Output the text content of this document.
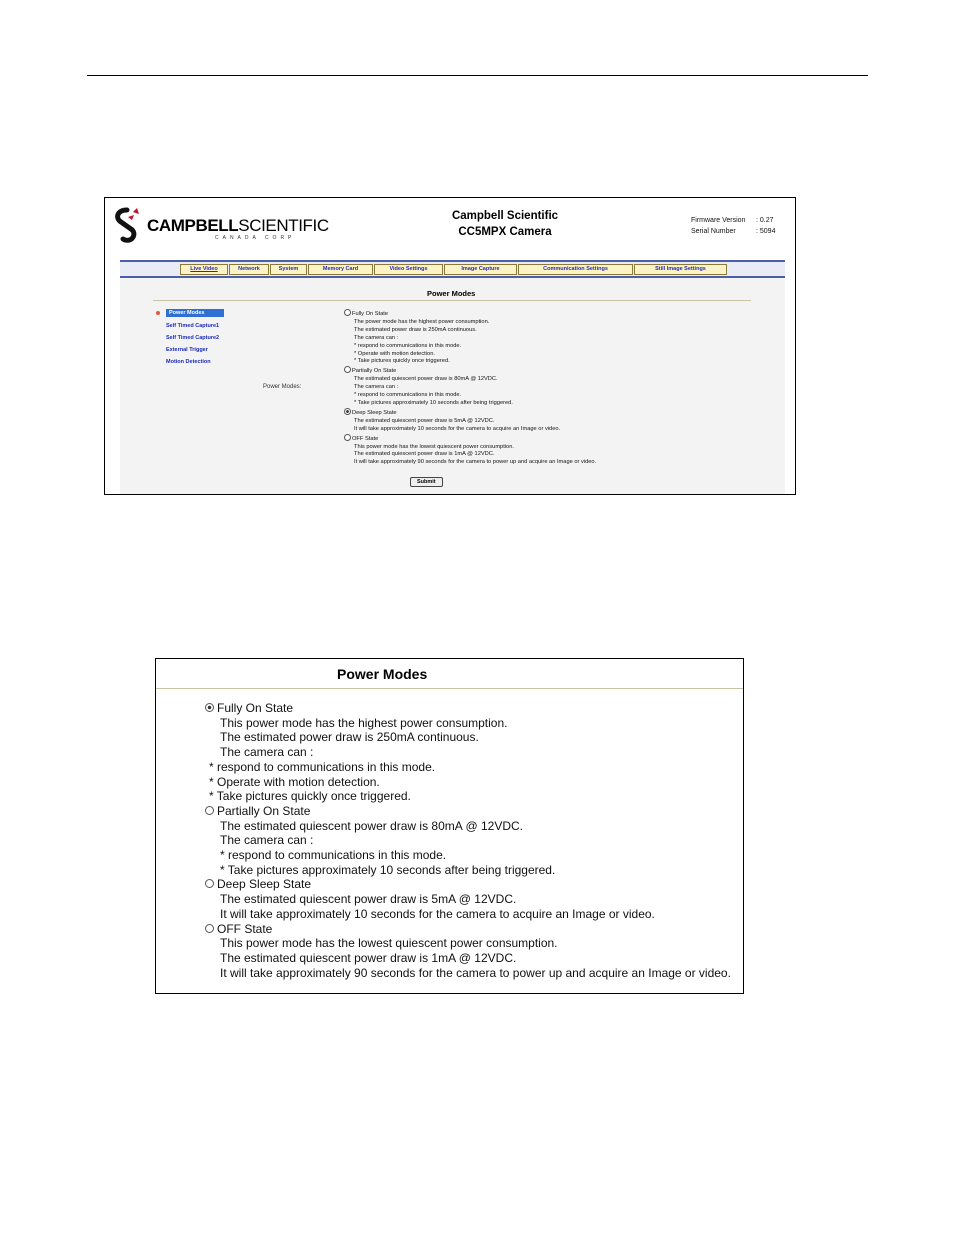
CAMPBELLSCIENTIFIC
CANADA CORP
Campbell Scientific
CC5MPX Camera
Firmware Version : 0.27
Serial Number	: 5094
Live Video	Network	System	Memory Card	Video Settings	Image Capture	Communication Settings	Still Image Settings
Power Modes
Power Modes
Self Timed Capture1
Self Timed Capture2
External Trigger
Motion Detection
Power Modes:
Fully On State
The power mode has the highest power consumption.
The estimated power draw is 250mA continuous.
The camera can :
* respond to communications in this mode.
* Operate with motion detection.
* Take pictures quickly once triggered.
Partially On State
The estimated quiescent power draw is 80mA @ 12VDC.
The camera can :
* respond to communications in this mode.
* Take pictures approximately 10 seconds after being triggered.
Deep Sleep State
The estimated quiescent power draw is 5mA @ 12VDC.
It will take approximately 10 seconds for the camera to acquire an Image or video.
OFF State
This power mode has the lowest quiescent power consumption.
The estimated quiescent power draw is 1mA @ 12VDC.
It will take approximately 90 seconds for the camera to power up and acquire an Image or video.
Submit
Power Modes
Fully On State
This power mode has the highest power consumption.
The estimated power draw is 250mA continuous.
The camera can :
* respond to communications in this mode.
* Operate with motion detection.
* Take pictures quickly once triggered.
Partially On State
The estimated quiescent power draw is 80mA @ 12VDC.
The camera can :
* respond to communications in this mode.
* Take pictures approximately 10 seconds after being triggered.
Deep Sleep State
The estimated quiescent power draw is 5mA @ 12VDC.
It will take approximately 10 seconds for the camera to acquire an Image or video.
OFF State
This power mode has the lowest quiescent power consumption.
The estimated quiescent power draw is 1mA @ 12VDC.
It will take approximately 90 seconds for the camera to power up and acquire an Image or video.
